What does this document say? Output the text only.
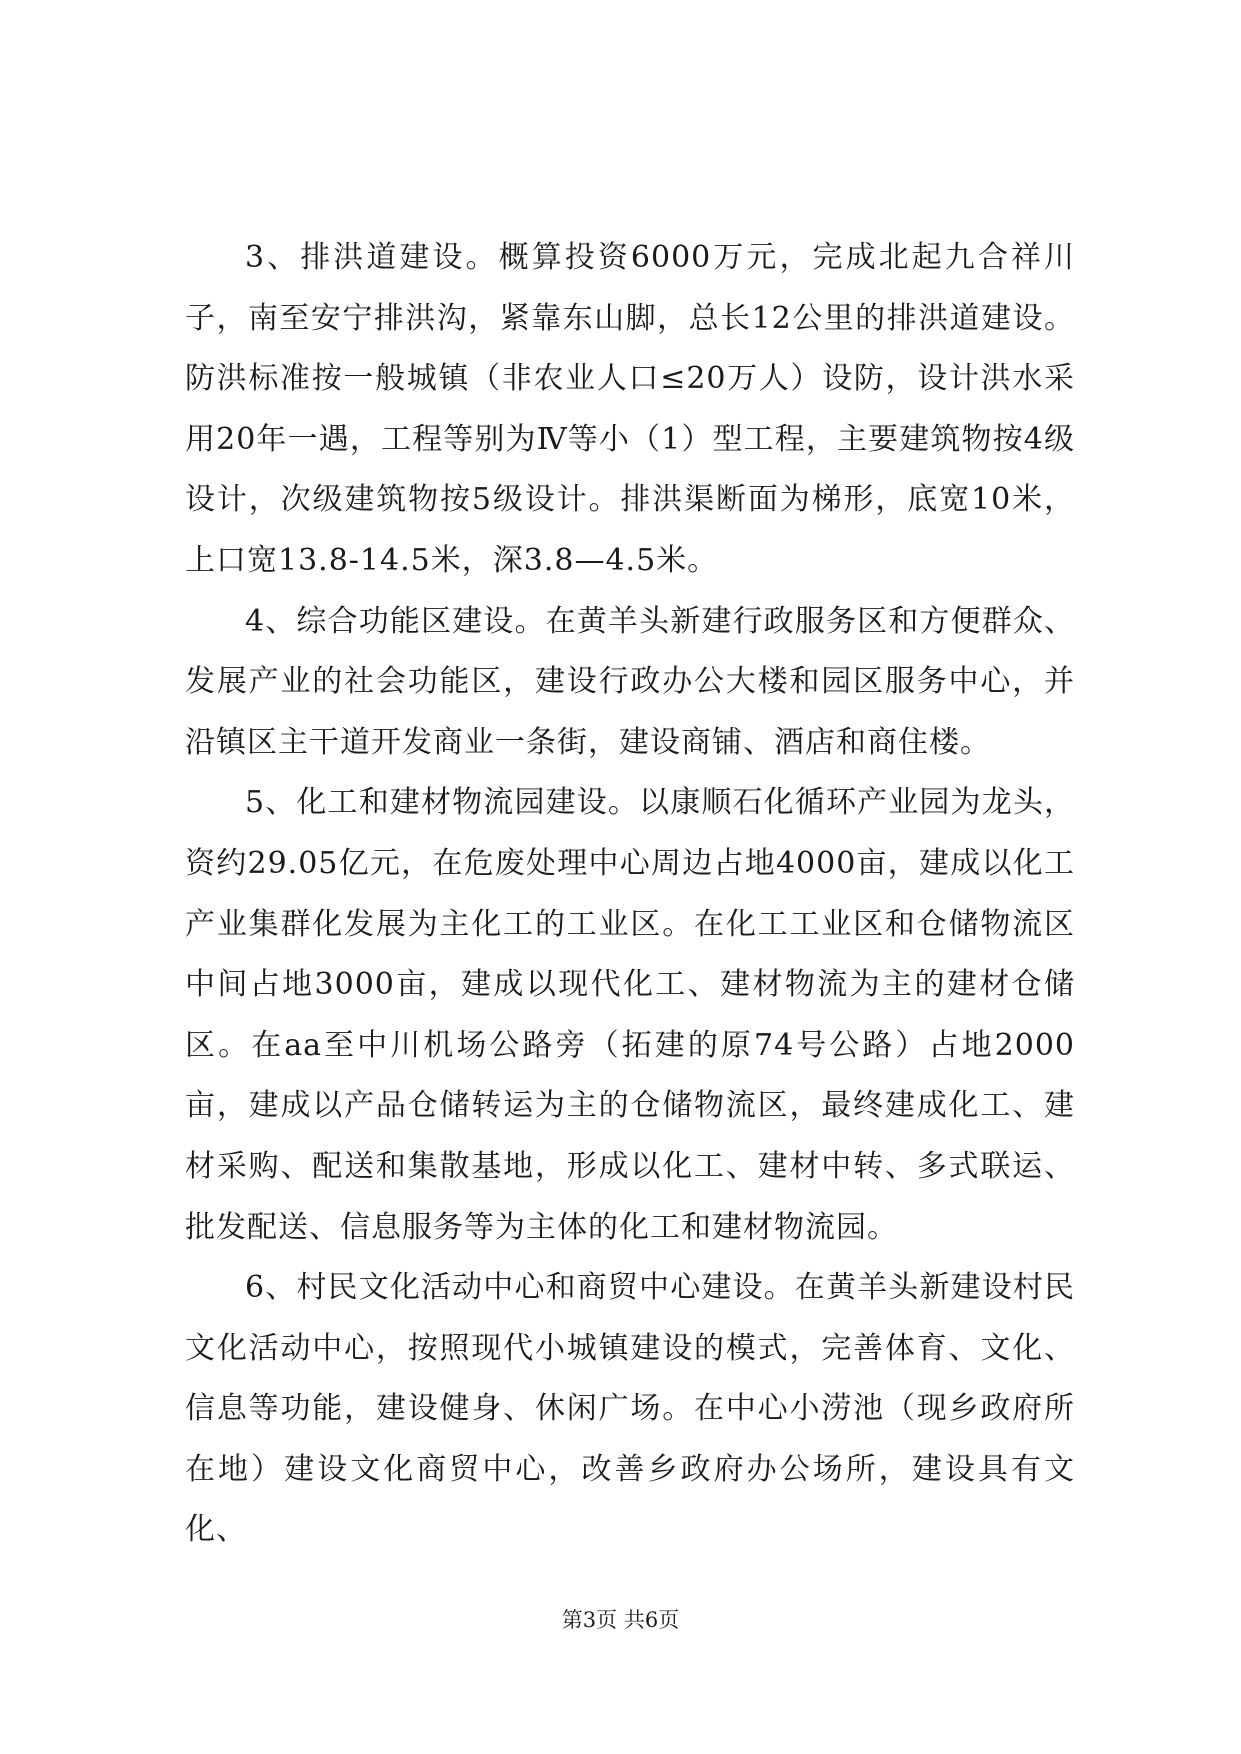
3、排洪道建设。概算投资6000万元，完成北起九合祥川子，南至安宁排洪沟，紧靠东山脚，总长12公里的排洪道建设。防洪标准按一般城镇（非农业人口≤20万人）设防，设计洪水采用20年一遇，工程等别为Ⅳ等小（1）型工程，主要建筑物按4级设计，次级建筑物按5级设计。排洪渠断面为梯形，底宽10米，上口宽13.8-14.5米，深3.8—4.5米。

4、综合功能区建设。在黄羊头新建行政服务区和方便群众、发展产业的社会功能区，建设行政办公大楼和园区服务中心，并沿镇区主干道开发商业一条街，建设商铺、酒店和商住楼。

5、化工和建材物流园建设。以康顺石化循环产业园为龙头，资约29.05亿元，在危废处理中心周边占地4000亩，建成以化工产业集群化发展为主化工的工业区。在化工工业区和仓储物流区中间占地3000亩，建成以现代化工、建材物流为主的建材仓储区。在aa至中川机场公路旁（拓建的原74号公路）占地2000亩，建成以产品仓储转运为主的仓储物流区，最终建成化工、建材采购、配送和集散基地，形成以化工、建材中转、多式联运、批发配送、信息服务等为主体的化工和建材物流园。

6、村民文化活动中心和商贸中心建设。在黄羊头新建设村民文化活动中心，按照现代小城镇建设的模式，完善体育、文化、信息等功能，建设健身、休闲广场。在中心小涝池（现乡政府所在地）建设文化商贸中心，改善乡政府办公场所，建设具有文化、

第3页 共6页
